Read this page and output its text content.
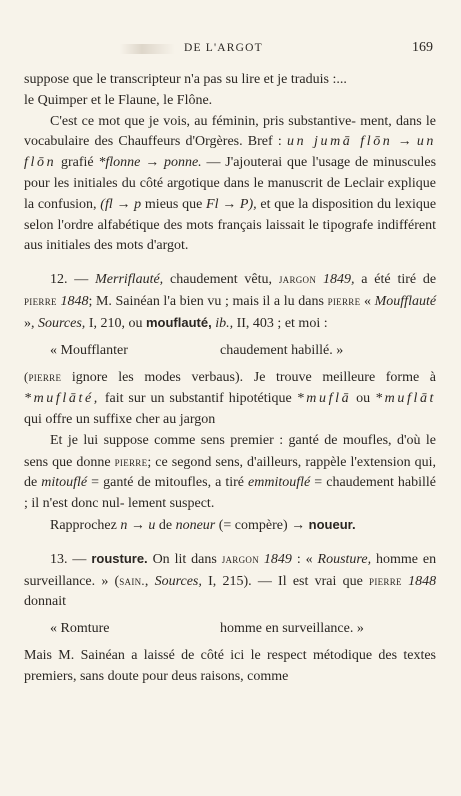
DE L'ARGOT	169

suppose que le transcripteur n'a pas su lire et je traduis :...
le Quimper et le Flaune, le Flône.

C'est ce mot que je vois, au féminin, pris substantive- ment, dans le vocabulaire des Chauffeurs d'Orgères. Bref : un jumā flōn → un flōn grafié *flonne → ponne. — J'ajouterai que l'usage de minuscules pour les initiales du côté argotique dans le manuscrit de Leclair explique la confusion, (fl → p mieus que Fl → P), et que la disposition du lexique selon l'ordre alfabétique des mots français laissait le tipografe indifférent aus initiales des mots d'argot.

12. — Merriflauté, chaudement vêtu, jargon 1849, a été tiré de pierre 1848; M. Sainéan l'a bien vu ; mais il a lu dans pierre « Moufflauté », Sources, I, 210, ou mouflauté, ib., II, 403 ; et moi :

« Moufflanter	chaudement habillé. »

(pierre ignore les modes verbaus). Je trouve meilleure forme à *muflāté, fait sur un substantif hipotétique *muflā ou *muflāt qui offre un suffixe cher au jargon

Et je lui suppose comme sens premier : ganté de moufles, d'où le sens que donne pierre; ce segond sens, d'ailleurs, rappèle l'extension qui, de mitouflé = ganté de mitoufles, a tiré emmitouflé = chaudement habillé ; il n'est donc nul- lement suspect.

Rapprochez n → u de noneur (= compère) → noueur.

13. — rousture. On lit dans jargon 1849 : « Rousture, homme en surveillance. » (sain., Sources, I, 215). — Il est vrai que pierre 1848 donnait

« Romture	homme en surveillance. »

Mais M. Sainéan a laissé de côté ici le respect métodique des textes premiers, sans doute pour deus raisons, comme
